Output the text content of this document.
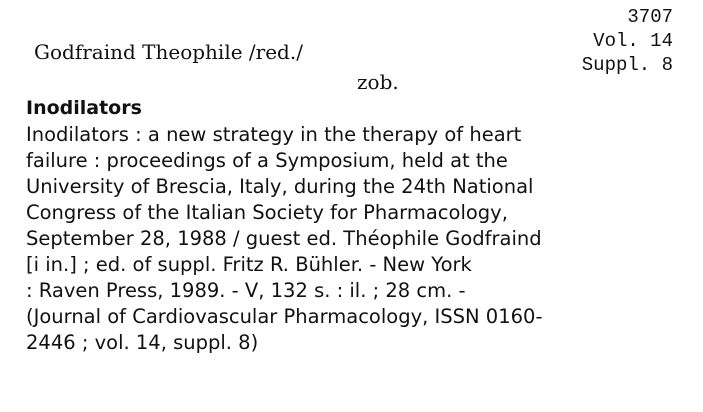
3707
Vol. 14
Suppl. 8
Godfraind Theophile /red./
zob.
Inodilators
Inodilators : a new strategy in the therapy of heart
failure : proceedings of a Symposium, held at the
University of Brescia, Italy, during the 24th National
Congress of the Italian Society for Pharmacology,
September 28, 1988 / guest ed. Théophile Godfraind
[i in.] ; ed. of suppl. Fritz R. Bühler. - New York
: Raven Press, 1989. - V, 132 s. : il. ; 28 cm. -
(Journal of Cardiovascular Pharmacology, ISSN 0160-
2446 ; vol. 14, suppl. 8)
